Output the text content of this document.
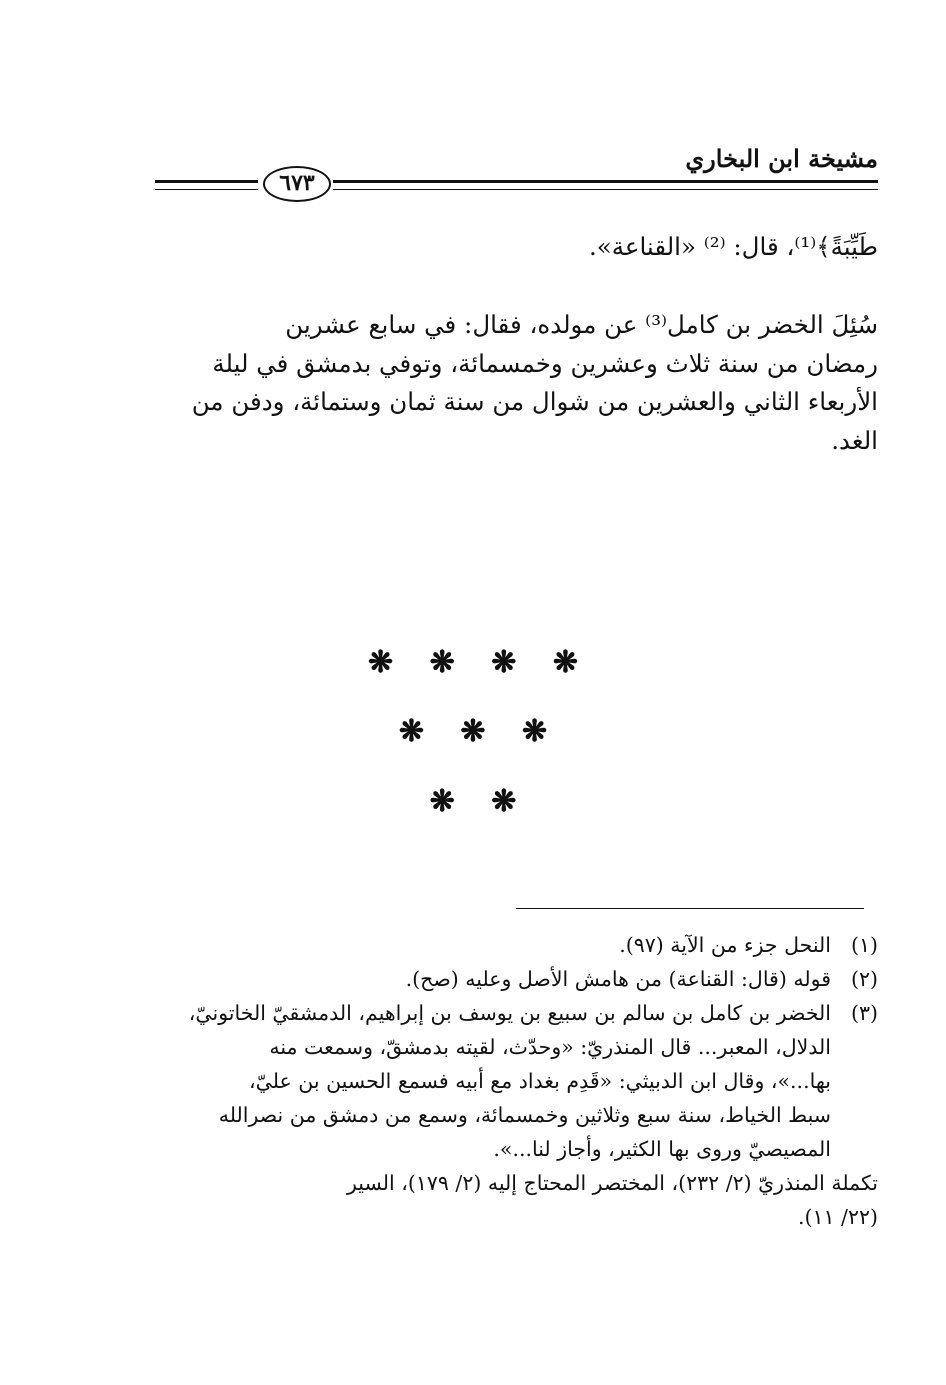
مشيخة ابن البخاري
٦٧٣
طَيِّبَةً﴾⁽¹⁾، قال: ⁽²⁾ «القناعة».
سُئِلَ الخضر بن كامل⁽³⁾ عن مولده، فقال: في سابع عشرين
رمضان من سنة ثلاث وعشرين وخمسمائة، وتوفي بدمشق في ليلة
الأربعاء الثاني والعشرين من شوال من سنة ثمان وستمائة، ودفن من
الغد.
❋ ❋ ❋ ❋
❋ ❋ ❋
❋ ❋
(١)
النحل جزء من الآية (٩٧).
(٢)
قوله (قال: القناعة) من هامش الأصل وعليه (صح).
(٣)
الخضر بن كامل بن سالم بن سبيع بن يوسف بن إبراهيم، الدمشقيّ الخاتونيّ،
الدلال، المعبر... قال المنذريّ: «وحدّث، لقيته بدمشقّ، وسمعت منه
بها...»، وقال ابن الدبيثي: «قَدِم بغداد مع أبيه فسمع الحسين بن عليّ،
سبط الخياط، سنة سبع وثلاثين وخمسمائة، وسمع من دمشق من نصرالله
المصيصيّ وروى بها الكثير، وأجاز لنا...».
تكملة المنذريّ (٢/ ٢٣٢)، المختصر المحتاج إليه (٢/ ١٧٩)، السير
(٢٢/ ١١).
